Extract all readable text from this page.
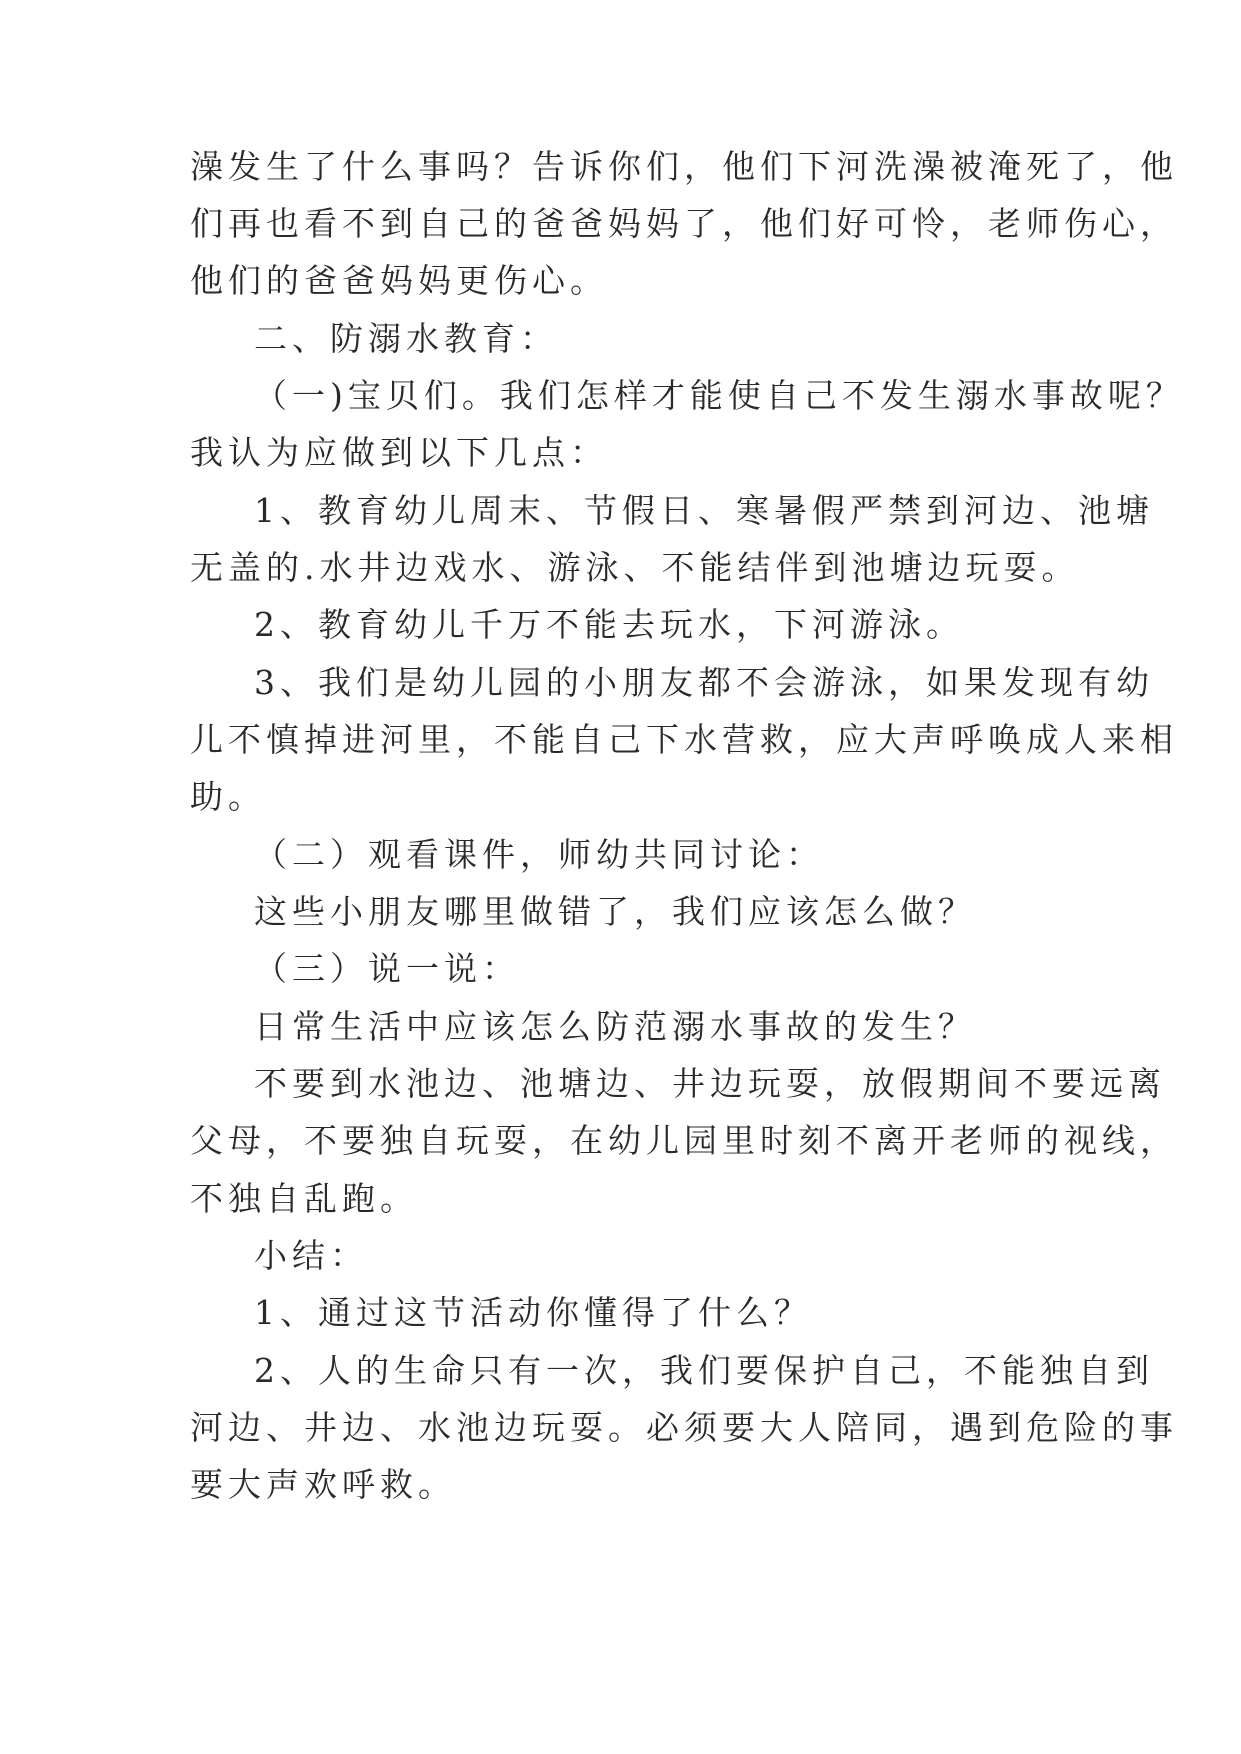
澡发生了什么事吗？告诉你们，他们下河洗澡被淹死了，他
们再也看不到自己的爸爸妈妈了，他们好可怜，老师伤心，
他们的爸爸妈妈更伤心。
二、防溺水教育：
（一)宝贝们。我们怎样才能使自己不发生溺水事故呢？
我认为应做到以下几点：
1、教育幼儿周末、节假日、寒暑假严禁到河边、池塘
无盖的.水井边戏水、游泳、不能结伴到池塘边玩耍。
2、教育幼儿千万不能去玩水，下河游泳。
3、我们是幼儿园的小朋友都不会游泳，如果发现有幼
儿不慎掉进河里，不能自己下水营救，应大声呼唤成人来相
助。
（二）观看课件，师幼共同讨论：
这些小朋友哪里做错了，我们应该怎么做？
（三）说一说：
日常生活中应该怎么防范溺水事故的发生？
不要到水池边、池塘边、井边玩耍，放假期间不要远离
父母，不要独自玩耍，在幼儿园里时刻不离开老师的视线，
不独自乱跑。
小结：
1、通过这节活动你懂得了什么？
2、人的生命只有一次，我们要保护自己，不能独自到
河边、井边、水池边玩耍。必须要大人陪同，遇到危险的事
要大声欢呼救。
